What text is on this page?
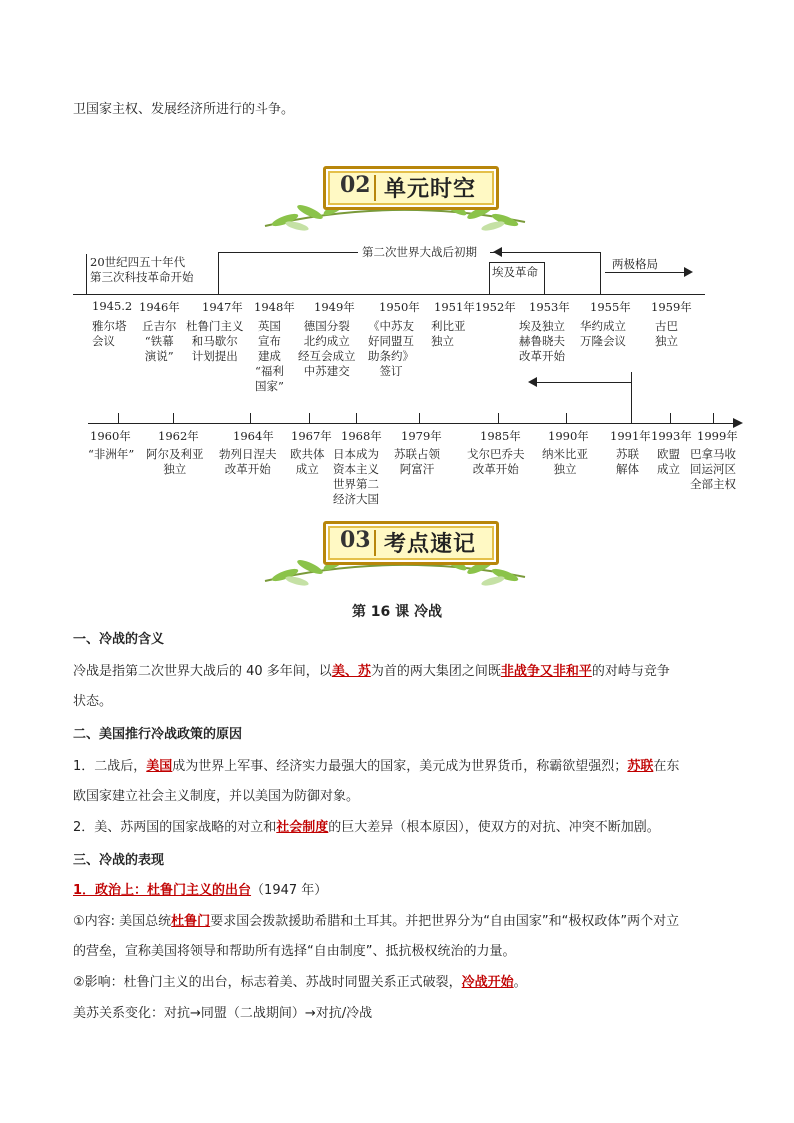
卫国家主权、发展经济所进行的斗争。
02 单元时空
20世纪四五十年代
第三次科技革命开始
第二次世界大战后初期
埃及革命
两极格局
1945.2 1946年 1947年 1948年 1949年 1950年 1951年 1952年 1953年 1955年 1959年
雅尔塔
会议
丘吉尔
“铁幕
演说”
杜鲁门主义
和马歇尔
计划提出
英国
宣布
建成
“福利
国家”
德国分裂
北约成立
经互会成立
中苏建交
《中苏友
好同盟互
助条约》
签订
利比亚
独立
埃及独立
赫鲁晓夫
改革开始
华约成立
万隆会议
古巴
独立
1960年 1962年	1964年 1967年 1968年 1979年	1985年 1990年 1991年 1993年 1999年
“非洲年” 阿尔及利亚
独立
勃列日涅夫
改革开始
欧共体
成立
日本成为
资本主义
世界第二
经济大国
苏联占领
阿富汗
戈尔巴乔夫
改革开始
纳米比亚
独立
苏联
解体
欧盟
成立
巴拿马收
回运河区
全部主权
03 考点速记
第 16 课 冷战
一、冷战的含义
冷战是指第二次世界大战后的 40 多年间，以美、苏为首的两大集团之间既非战争又非和平的对峙与竞争
状态。
二、美国推行冷战政策的原因
1．二战后，美国成为世界上军事、经济实力最强大的国家，美元成为世界货币，称霸欲望强烈；苏联在东
欧国家建立社会主义制度，并以美国为防御对象。
2．美、苏两国的国家战略的对立和社会制度的巨大差异（根本原因），使双方的对抗、冲突不断加剧。
三、冷战的表现
1．政治上：杜鲁门主义的出台（1947 年）
①内容: 美国总统杜鲁门要求国会拨款援助希腊和土耳其。并把世界分为“自由国家”和“极权政体”两个对立
的营垒，宣称美国将领导和帮助所有选择“自由制度”、抵抗极权统治的力量。
②影响：杜鲁门主义的出台，标志着美、苏战时同盟关系正式破裂，冷战开始。
美苏关系变化：对抗→同盟（二战期间）→对抗/冷战
